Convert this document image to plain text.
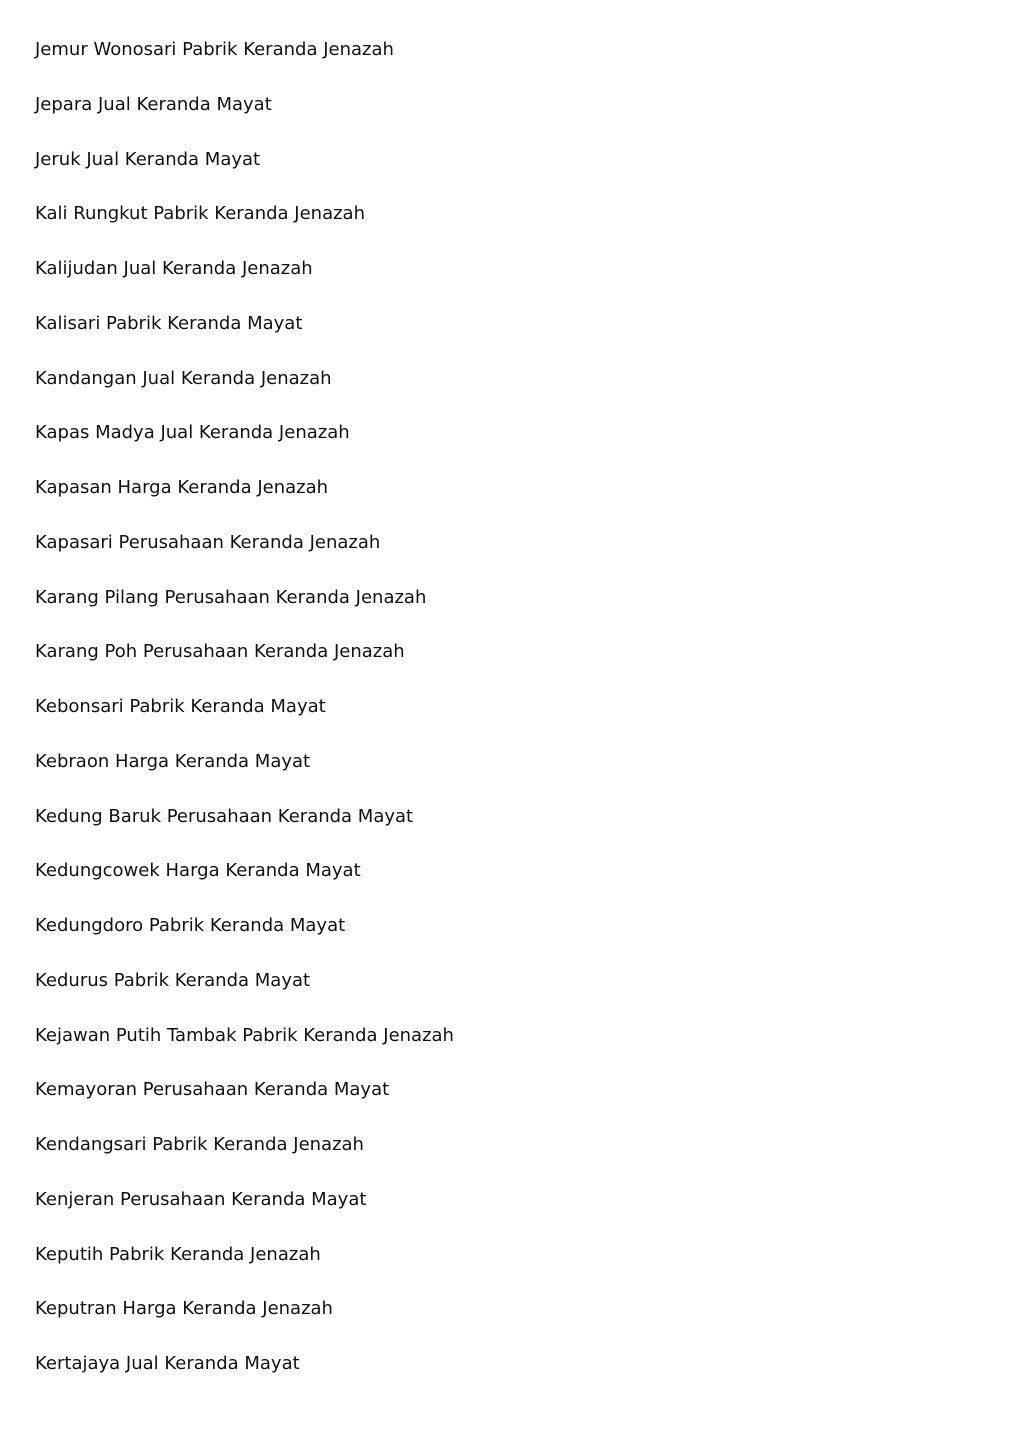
Jemur Wonosari Pabrik Keranda Jenazah
Jepara Jual Keranda Mayat
Jeruk Jual Keranda Mayat
Kali Rungkut Pabrik Keranda Jenazah
Kalijudan Jual Keranda Jenazah
Kalisari Pabrik Keranda Mayat
Kandangan Jual Keranda Jenazah
Kapas Madya Jual Keranda Jenazah
Kapasan Harga Keranda Jenazah
Kapasari Perusahaan Keranda Jenazah
Karang Pilang Perusahaan Keranda Jenazah
Karang Poh Perusahaan Keranda Jenazah
Kebonsari Pabrik Keranda Mayat
Kebraon Harga Keranda Mayat
Kedung Baruk Perusahaan Keranda Mayat
Kedungcowek Harga Keranda Mayat
Kedungdoro Pabrik Keranda Mayat
Kedurus Pabrik Keranda Mayat
Kejawan Putih Tambak Pabrik Keranda Jenazah
Kemayoran Perusahaan Keranda Mayat
Kendangsari Pabrik Keranda Jenazah
Kenjeran Perusahaan Keranda Mayat
Keputih Pabrik Keranda Jenazah
Keputran Harga Keranda Jenazah
Kertajaya Jual Keranda Mayat
